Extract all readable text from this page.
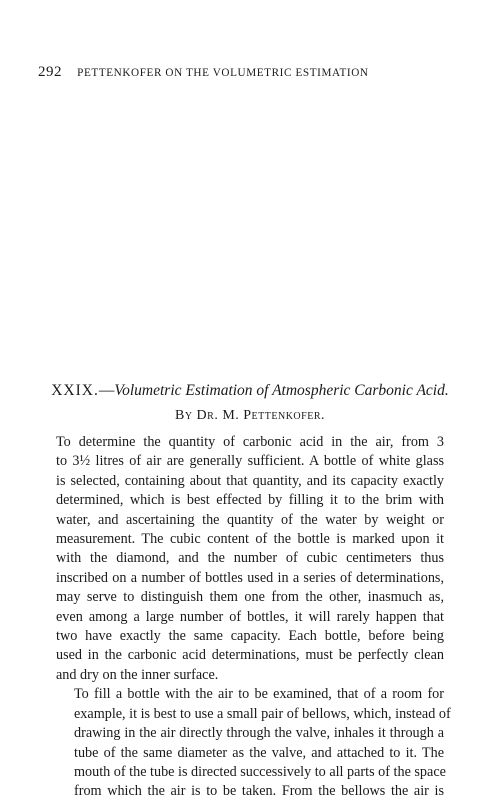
292 PETTENKOFER ON THE VOLUMETRIC ESTIMATION
XXIX.—Volumetric Estimation of Atmospheric Carbonic Acid.
By Dr. M. Pettenkofer.

To determine the quantity of carbonic acid in the air, from 3
to 3½ litres of air are generally sufficient. A bottle of white glass
is selected, containing about that quantity, and its capacity exactly
determined, which is best effected by filling it to the brim with
water, and ascertaining the quantity of the water by weight or
measurement. The cubic content of the bottle is marked upon it
with the diamond, and the number of cubic centimeters thus
inscribed on a number of bottles used in a series of determinations,
may serve to distinguish them one from the other, inasmuch as,
even among a large number of bottles, it will rarely happen that
two have exactly the same capacity. Each bottle, before being
used in the carbonic acid determinations, must be perfectly clean
and dry on the inner surface.

To fill a bottle with the air to be examined, that of a room for
example, it is best to use a small pair of bellows, which, instead of
drawing in the air directly through the valve, inhales it through a
tube of the same diameter as the valve, and attached to it. The
mouth of the tube is directed successively to all parts of the space
from which the air is to be taken. From the bellows the air is
